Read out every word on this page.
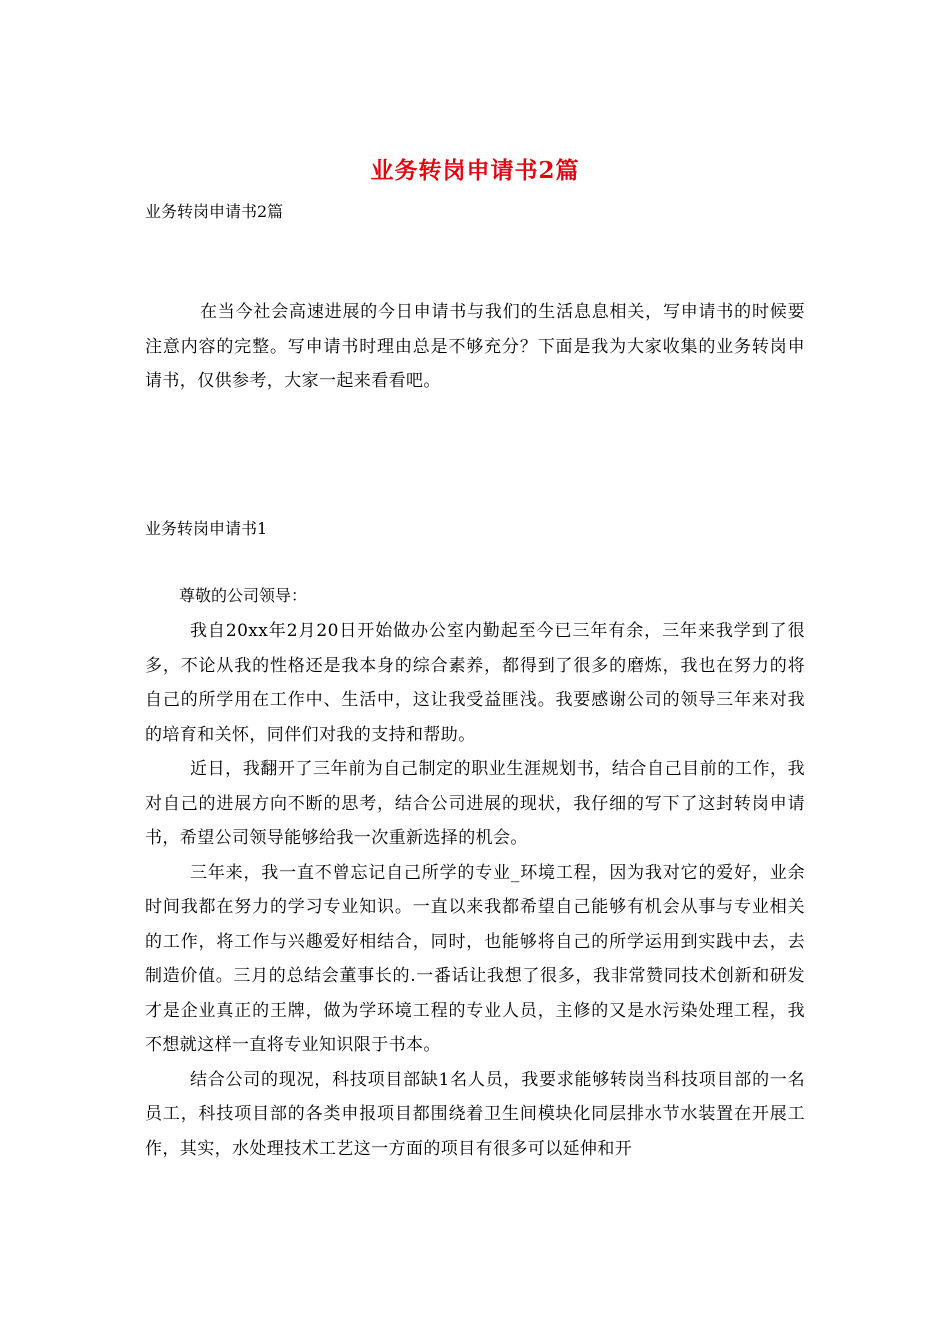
业务转岗申请书2篇
业务转岗申请书2篇

在当今社会高速进展的今日申请书与我们的生活息息相关，写申请书的时候要注意内容的完整。写申请书时理由总是不够充分？下面是我为大家收集的业务转岗申请书，仅供参考，大家一起来看看吧。

业务转岗申请书1
尊敬的公司领导：

我自20xx年2月20日开始做办公室内勤起至今已三年有余，三年来我学到了很多，不论从我的性格还是我本身的综合素养，都得到了很多的磨炼，我也在努力的将自己的所学用在工作中、生活中，这让我受益匪浅。我要感谢公司的领导三年来对我的培育和关怀，同伴们对我的支持和帮助。

近日，我翻开了三年前为自己制定的职业生涯规划书，结合自己目前的工作，我对自己的进展方向不断的思考，结合公司进展的现状，我仔细的写下了这封转岗申请书，希望公司领导能够给我一次重新选择的机会。

三年来，我一直不曾忘记自己所学的专业_环境工程，因为我对它的爱好，业余时间我都在努力的学习专业知识。一直以来我都希望自己能够有机会从事与专业相关的工作，将工作与兴趣爱好相结合，同时，也能够将自己的所学运用到实践中去，去制造价值。三月的总结会董事长的.一番话让我想了很多，我非常赞同技术创新和研发才是企业真正的王牌，做为学环境工程的专业人员，主修的又是水污染处理工程，我不想就这样一直将专业知识限于书本。

结合公司的现况，科技项目部缺1名人员，我要求能够转岗当科技项目部的一名员工，科技项目部的各类申报项目都围绕着卫生间模块化同层排水节水装置在开展工作，其实，水处理技术工艺这一方面的项目有很多可以延伸和开
